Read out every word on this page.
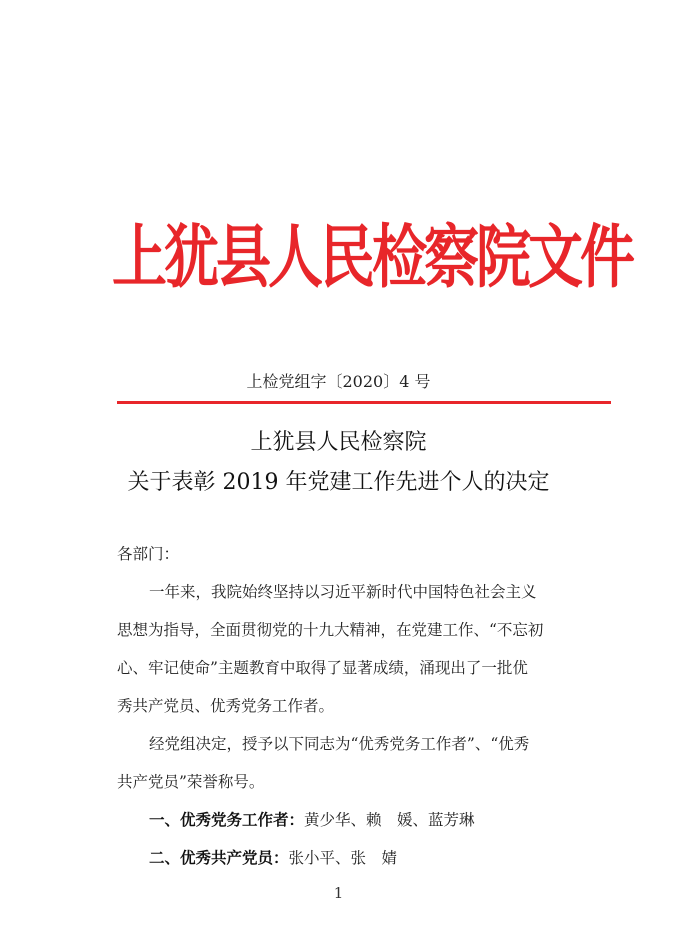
上犹县人民检察院文件
上检党组字〔2020〕4 号
上犹县人民检察院
关于表彰 2019 年党建工作先进个人的决定
各部门：
一年来，我院始终坚持以习近平新时代中国特色社会主义
思想为指导，全面贯彻党的十九大精神，在党建工作、“不忘初
心、牢记使命”主题教育中取得了显著成绩，涌现出了一批优
秀共产党员、优秀党务工作者。
经党组决定，授予以下同志为“优秀党务工作者”、“优秀
共产党员”荣誉称号。
一、优秀党务工作者：黄少华、赖　媛、蓝芳琳
二、优秀共产党员：张小平、张　婧
1
